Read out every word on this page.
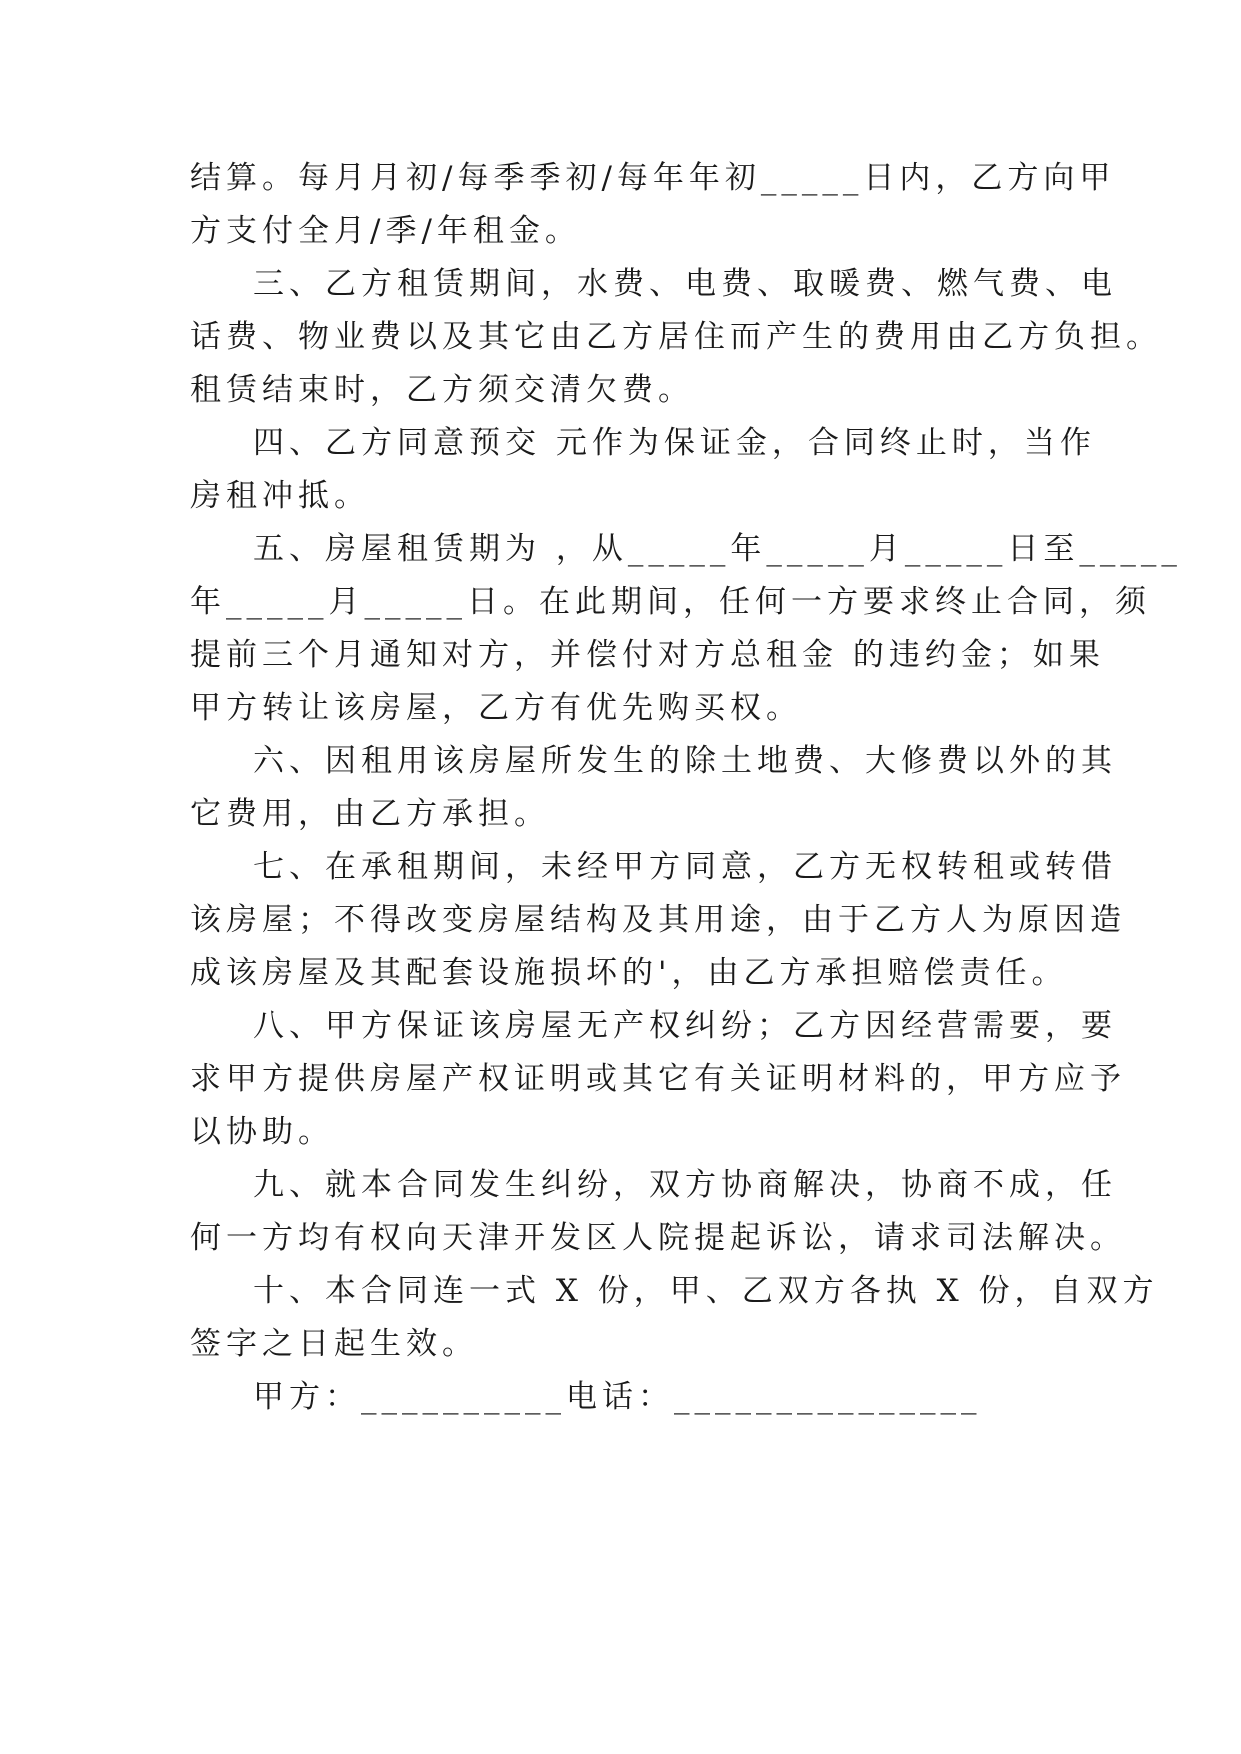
结算。每月月初/每季季初/每年年初_____日内，乙方向甲
方支付全月/季/年租金。
三、乙方租赁期间，水费、电费、取暖费、燃气费、电
话费、物业费以及其它由乙方居住而产生的费用由乙方负担。
租赁结束时，乙方须交清欠费。
四、乙方同意预交 元作为保证金，合同终止时，当作
房租冲抵。
五、房屋租赁期为 ，从_____年_____月_____日至_____
年_____月_____日。在此期间，任何一方要求终止合同，须
提前三个月通知对方，并偿付对方总租金 的违约金；如果
甲方转让该房屋，乙方有优先购买权。
六、因租用该房屋所发生的除土地费、大修费以外的其
它费用，由乙方承担。
七、在承租期间，未经甲方同意，乙方无权转租或转借
该房屋；不得改变房屋结构及其用途，由于乙方人为原因造
成该房屋及其配套设施损坏的'，由乙方承担赔偿责任。
八、甲方保证该房屋无产权纠纷；乙方因经营需要，要
求甲方提供房屋产权证明或其它有关证明材料的，甲方应予
以协助。
九、就本合同发生纠纷，双方协商解决，协商不成，任
何一方均有权向天津开发区人院提起诉讼，请求司法解决。
十、本合同连一式 X 份，甲、乙双方各执 X 份，自双方
签字之日起生效。
甲方：__________电话：_______________
